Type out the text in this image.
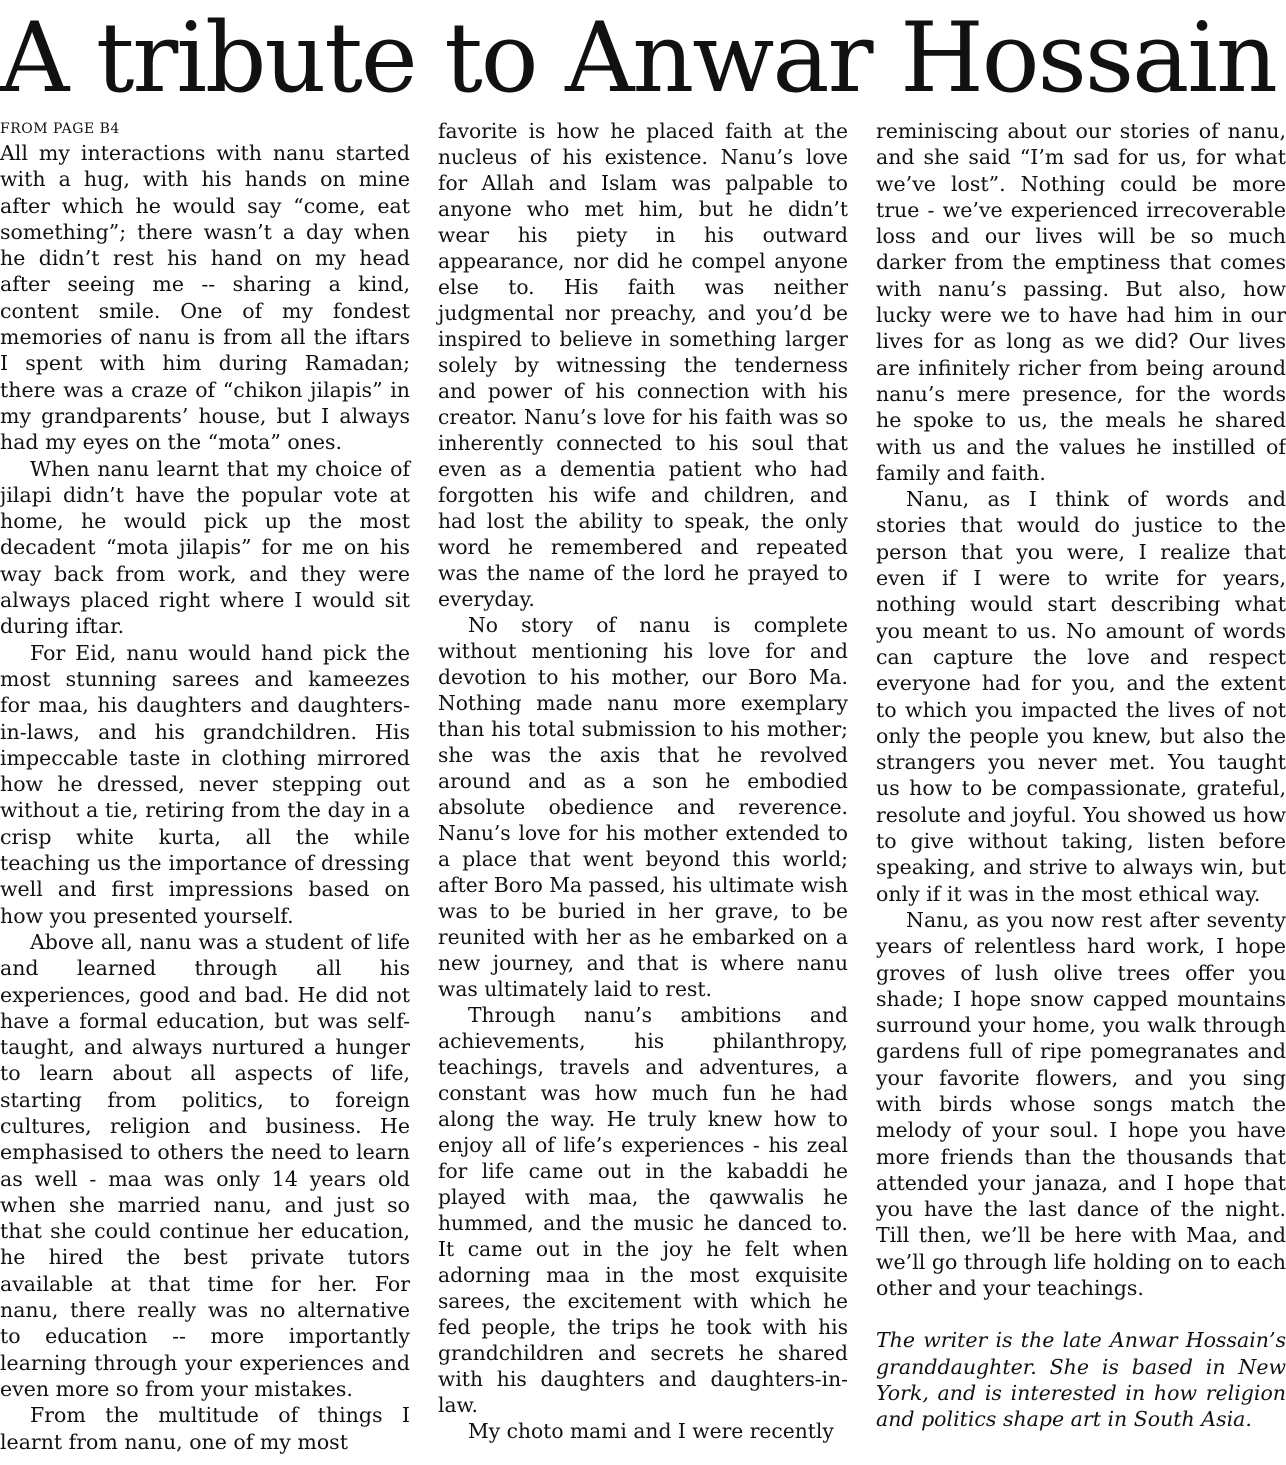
A tribute to Anwar Hossain
FROM PAGE B4

All my interactions with nanu started with a hug, with his hands on mine after which he would say “come, eat something”; there wasn’t a day when he didn’t rest his hand on my head after seeing me -- sharing a kind, content smile. One of my fondest memories of nanu is from all the iftars I spent with him during Ramadan; there was a craze of “chikon jilapis” in my grandparents’ house, but I always had my eyes on the “mota” ones.

When nanu learnt that my choice of jilapi didn’t have the popular vote at home, he would pick up the most decadent “mota jilapis” for me on his way back from work, and they were always placed right where I would sit during iftar.

For Eid, nanu would hand pick the most stunning sarees and kameezes for maa, his daughters and daughters-in-laws, and his grandchildren. His impeccable taste in clothing mirrored how he dressed, never stepping out without a tie, retiring from the day in a crisp white kurta, all the while teaching us the importance of dressing well and first impressions based on how you presented yourself.

Above all, nanu was a student of life and learned through all his experiences, good and bad. He did not have a formal education, but was self-taught, and always nurtured a hunger to learn about all aspects of life, starting from politics, to foreign cultures, religion and business. He emphasised to others the need to learn as well - maa was only 14 years old when she married nanu, and just so that she could continue her education, he hired the best private tutors available at that time for her. For nanu, there really was no alternative to education -- more importantly learning through your experiences and even more so from your mistakes.

From the multitude of things I learnt from nanu, one of my most

favorite is how he placed faith at the nucleus of his existence. Nanu’s love for Allah and Islam was palpable to anyone who met him, but he didn’t wear his piety in his outward appearance, nor did he compel anyone else to. His faith was neither judgmental nor preachy, and you’d be inspired to believe in something larger solely by witnessing the tenderness and power of his connection with his creator. Nanu’s love for his faith was so inherently connected to his soul that even as a dementia patient who had forgotten his wife and children, and had lost the ability to speak, the only word he remembered and repeated was the name of the lord he prayed to everyday.

No story of nanu is complete without mentioning his love for and devotion to his mother, our Boro Ma. Nothing made nanu more exemplary than his total submission to his mother; she was the axis that he revolved around and as a son he embodied absolute obedience and reverence. Nanu’s love for his mother extended to a place that went beyond this world; after Boro Ma passed, his ultimate wish was to be buried in her grave, to be reunited with her as he embarked on a new journey, and that is where nanu was ultimately laid to rest.

Through nanu’s ambitions and achievements, his philanthropy, teachings, travels and adventures, a constant was how much fun he had along the way. He truly knew how to enjoy all of life’s experiences - his zeal for life came out in the kabaddi he played with maa, the qawwalis he hummed, and the music he danced to. It came out in the joy he felt when adorning maa in the most exquisite sarees, the excitement with which he fed people, the trips he took with his grandchildren and secrets he shared with his daughters and daughters-in-law.

My choto mami and I were recently

reminiscing about our stories of nanu, and she said “I’m sad for us, for what we’ve lost”. Nothing could be more true - we’ve experienced irrecoverable loss and our lives will be so much darker from the emptiness that comes with nanu’s passing. But also, how lucky were we to have had him in our lives for as long as we did? Our lives are infinitely richer from being around nanu’s mere presence, for the words he spoke to us, the meals he shared with us and the values he instilled of family and faith.

Nanu, as I think of words and stories that would do justice to the person that you were, I realize that even if I were to write for years, nothing would start describing what you meant to us. No amount of words can capture the love and respect everyone had for you, and the extent to which you impacted the lives of not only the people you knew, but also the strangers you never met. You taught us how to be compassionate, grateful, resolute and joyful. You showed us how to give without taking, listen before speaking, and strive to always win, but only if it was in the most ethical way.

Nanu, as you now rest after seventy years of relentless hard work, I hope groves of lush olive trees offer you shade; I hope snow capped mountains surround your home, you walk through gardens full of ripe pomegranates and your favorite flowers, and you sing with birds whose songs match the melody of your soul. I hope you have more friends than the thousands that attended your janaza, and I hope that you have the last dance of the night. Till then, we’ll be here with Maa, and we’ll go through life holding on to each other and your teachings.

The writer is the late Anwar Hossain’s granddaughter. She is based in New York, and is interested in how religion and politics shape art in South Asia.
